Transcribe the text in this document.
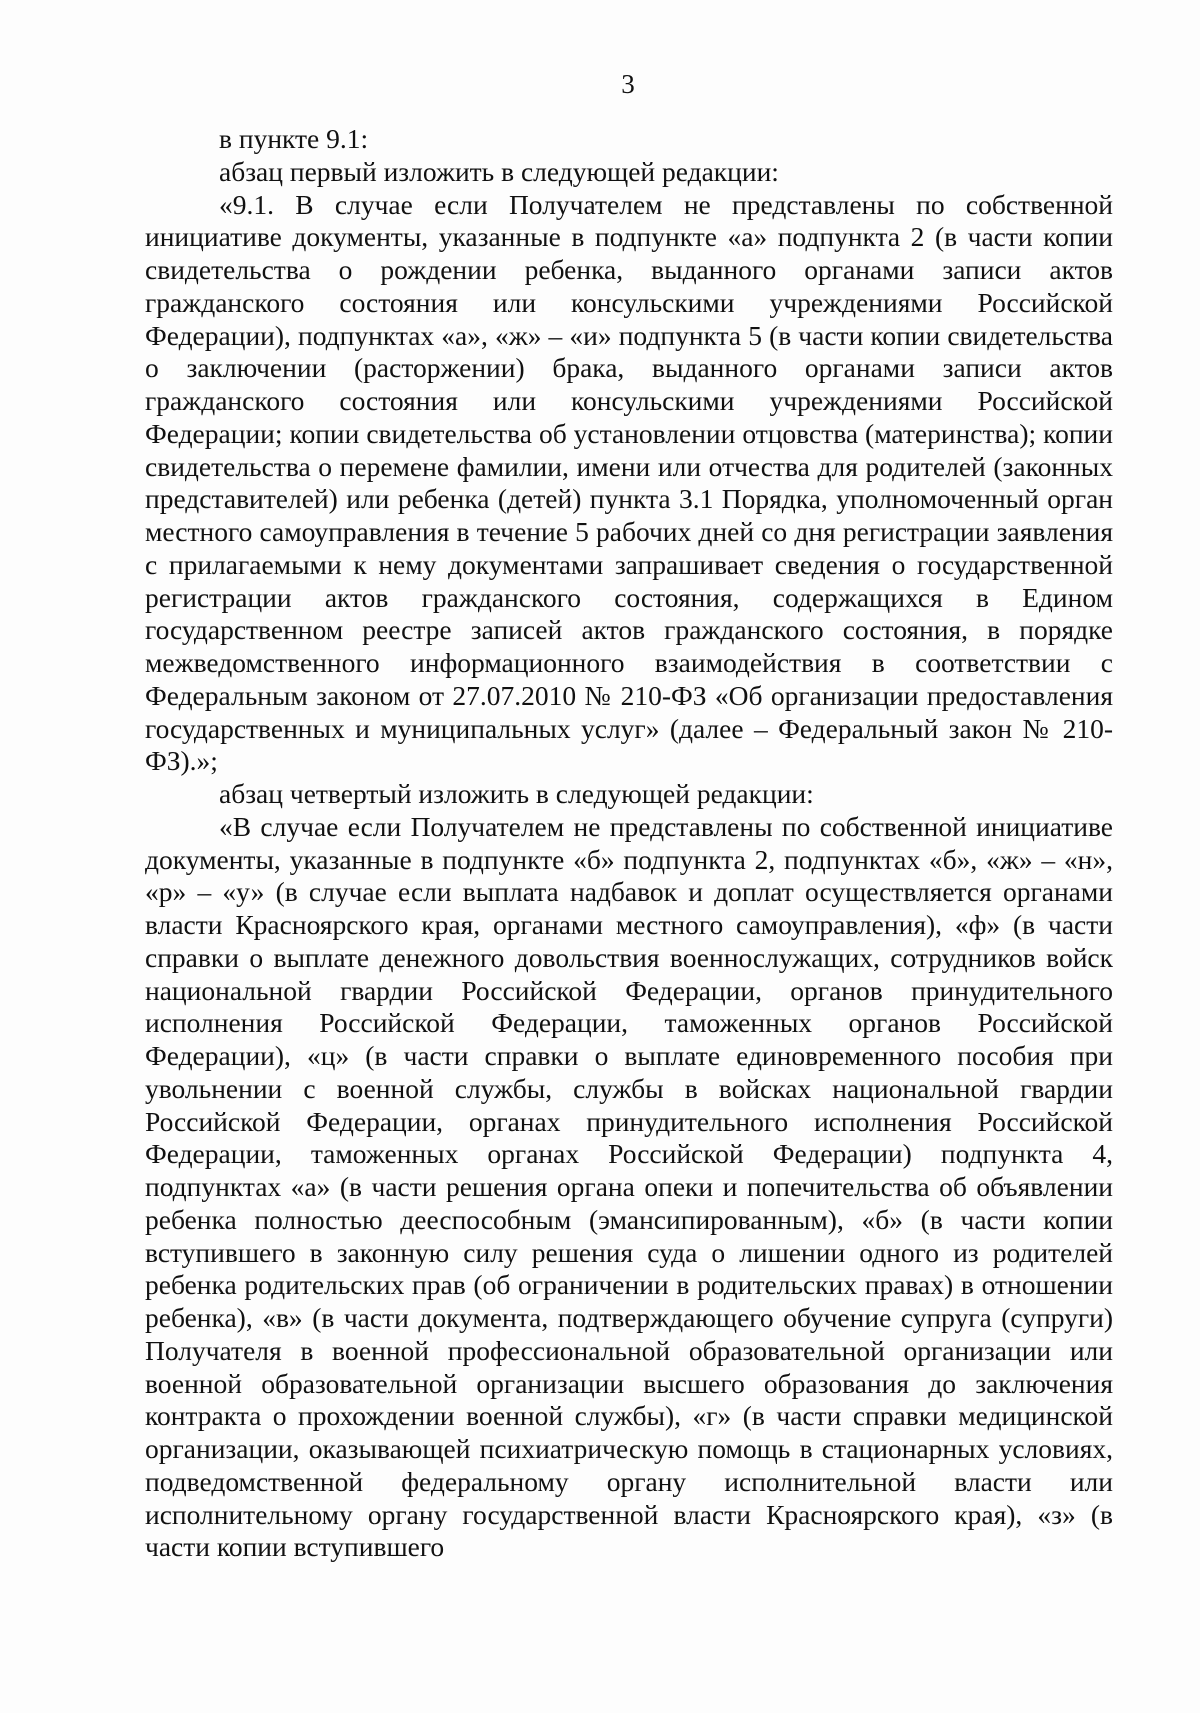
3

в пункте 9.1:

абзац первый изложить в следующей редакции:

«9.1. В случае если Получателем не представлены по собственной инициативе документы, указанные в подпункте «а» подпункта 2 (в части копии свидетельства о рождении ребенка, выданного органами записи актов гражданского состояния или консульскими учреждениями Российской Федерации), подпунктах «а», «ж» – «и» подпункта 5 (в части копии свидетельства о заключении (расторжении) брака, выданного органами записи актов гражданского состояния или консульскими учреждениями Российской Федерации; копии свидетельства об установлении отцовства (материнства); копии свидетельства о перемене фамилии, имени или отчества для родителей (законных представителей) или ребенка (детей) пункта 3.1 Порядка, уполномоченный орган местного самоуправления в течение 5 рабочих дней со дня регистрации заявления с прилагаемыми к нему документами запрашивает сведения о государственной регистрации актов гражданского состояния, содержащихся в Едином государственном реестре записей актов гражданского состояния, в порядке межведомственного информационного взаимодействия в соответствии с Федеральным законом от 27.07.2010 № 210-ФЗ «Об организации предоставления государственных и муниципальных услуг» (далее – Федеральный закон № 210-ФЗ).»;

абзац четвертый изложить в следующей редакции:

«В случае если Получателем не представлены по собственной инициативе документы, указанные в подпункте «б» подпункта 2, подпунктах «б», «ж» – «н», «р» – «у» (в случае если выплата надбавок и доплат осуществляется органами власти Красноярского края, органами местного самоуправления), «ф» (в части справки о выплате денежного довольствия военнослужащих, сотрудников войск национальной гвардии Российской Федерации, органов принудительного исполнения Российской Федерации, таможенных органов Российской Федерации), «ц» (в части справки о выплате единовременного пособия при увольнении с военной службы, службы в войсках национальной гвардии Российской Федерации, органах принудительного исполнения Российской Федерации, таможенных органах Российской Федерации) подпункта 4, подпунктах «а» (в части решения органа опеки и попечительства об объявлении ребенка полностью дееспособным (эмансипированным), «б» (в части копии вступившего в законную силу решения суда о лишении одного из родителей ребенка родительских прав (об ограничении в родительских правах) в отношении ребенка), «в» (в части документа, подтверждающего обучение супруга (супруги) Получателя в военной профессиональной образовательной организации или военной образовательной организации высшего образования до заключения контракта о прохождении военной службы), «г» (в части справки медицинской организации, оказывающей психиатрическую помощь в стационарных условиях, подведомственной федеральному органу исполнительной власти или исполнительному органу государственной власти Красноярского края), «з» (в части копии вступившего
